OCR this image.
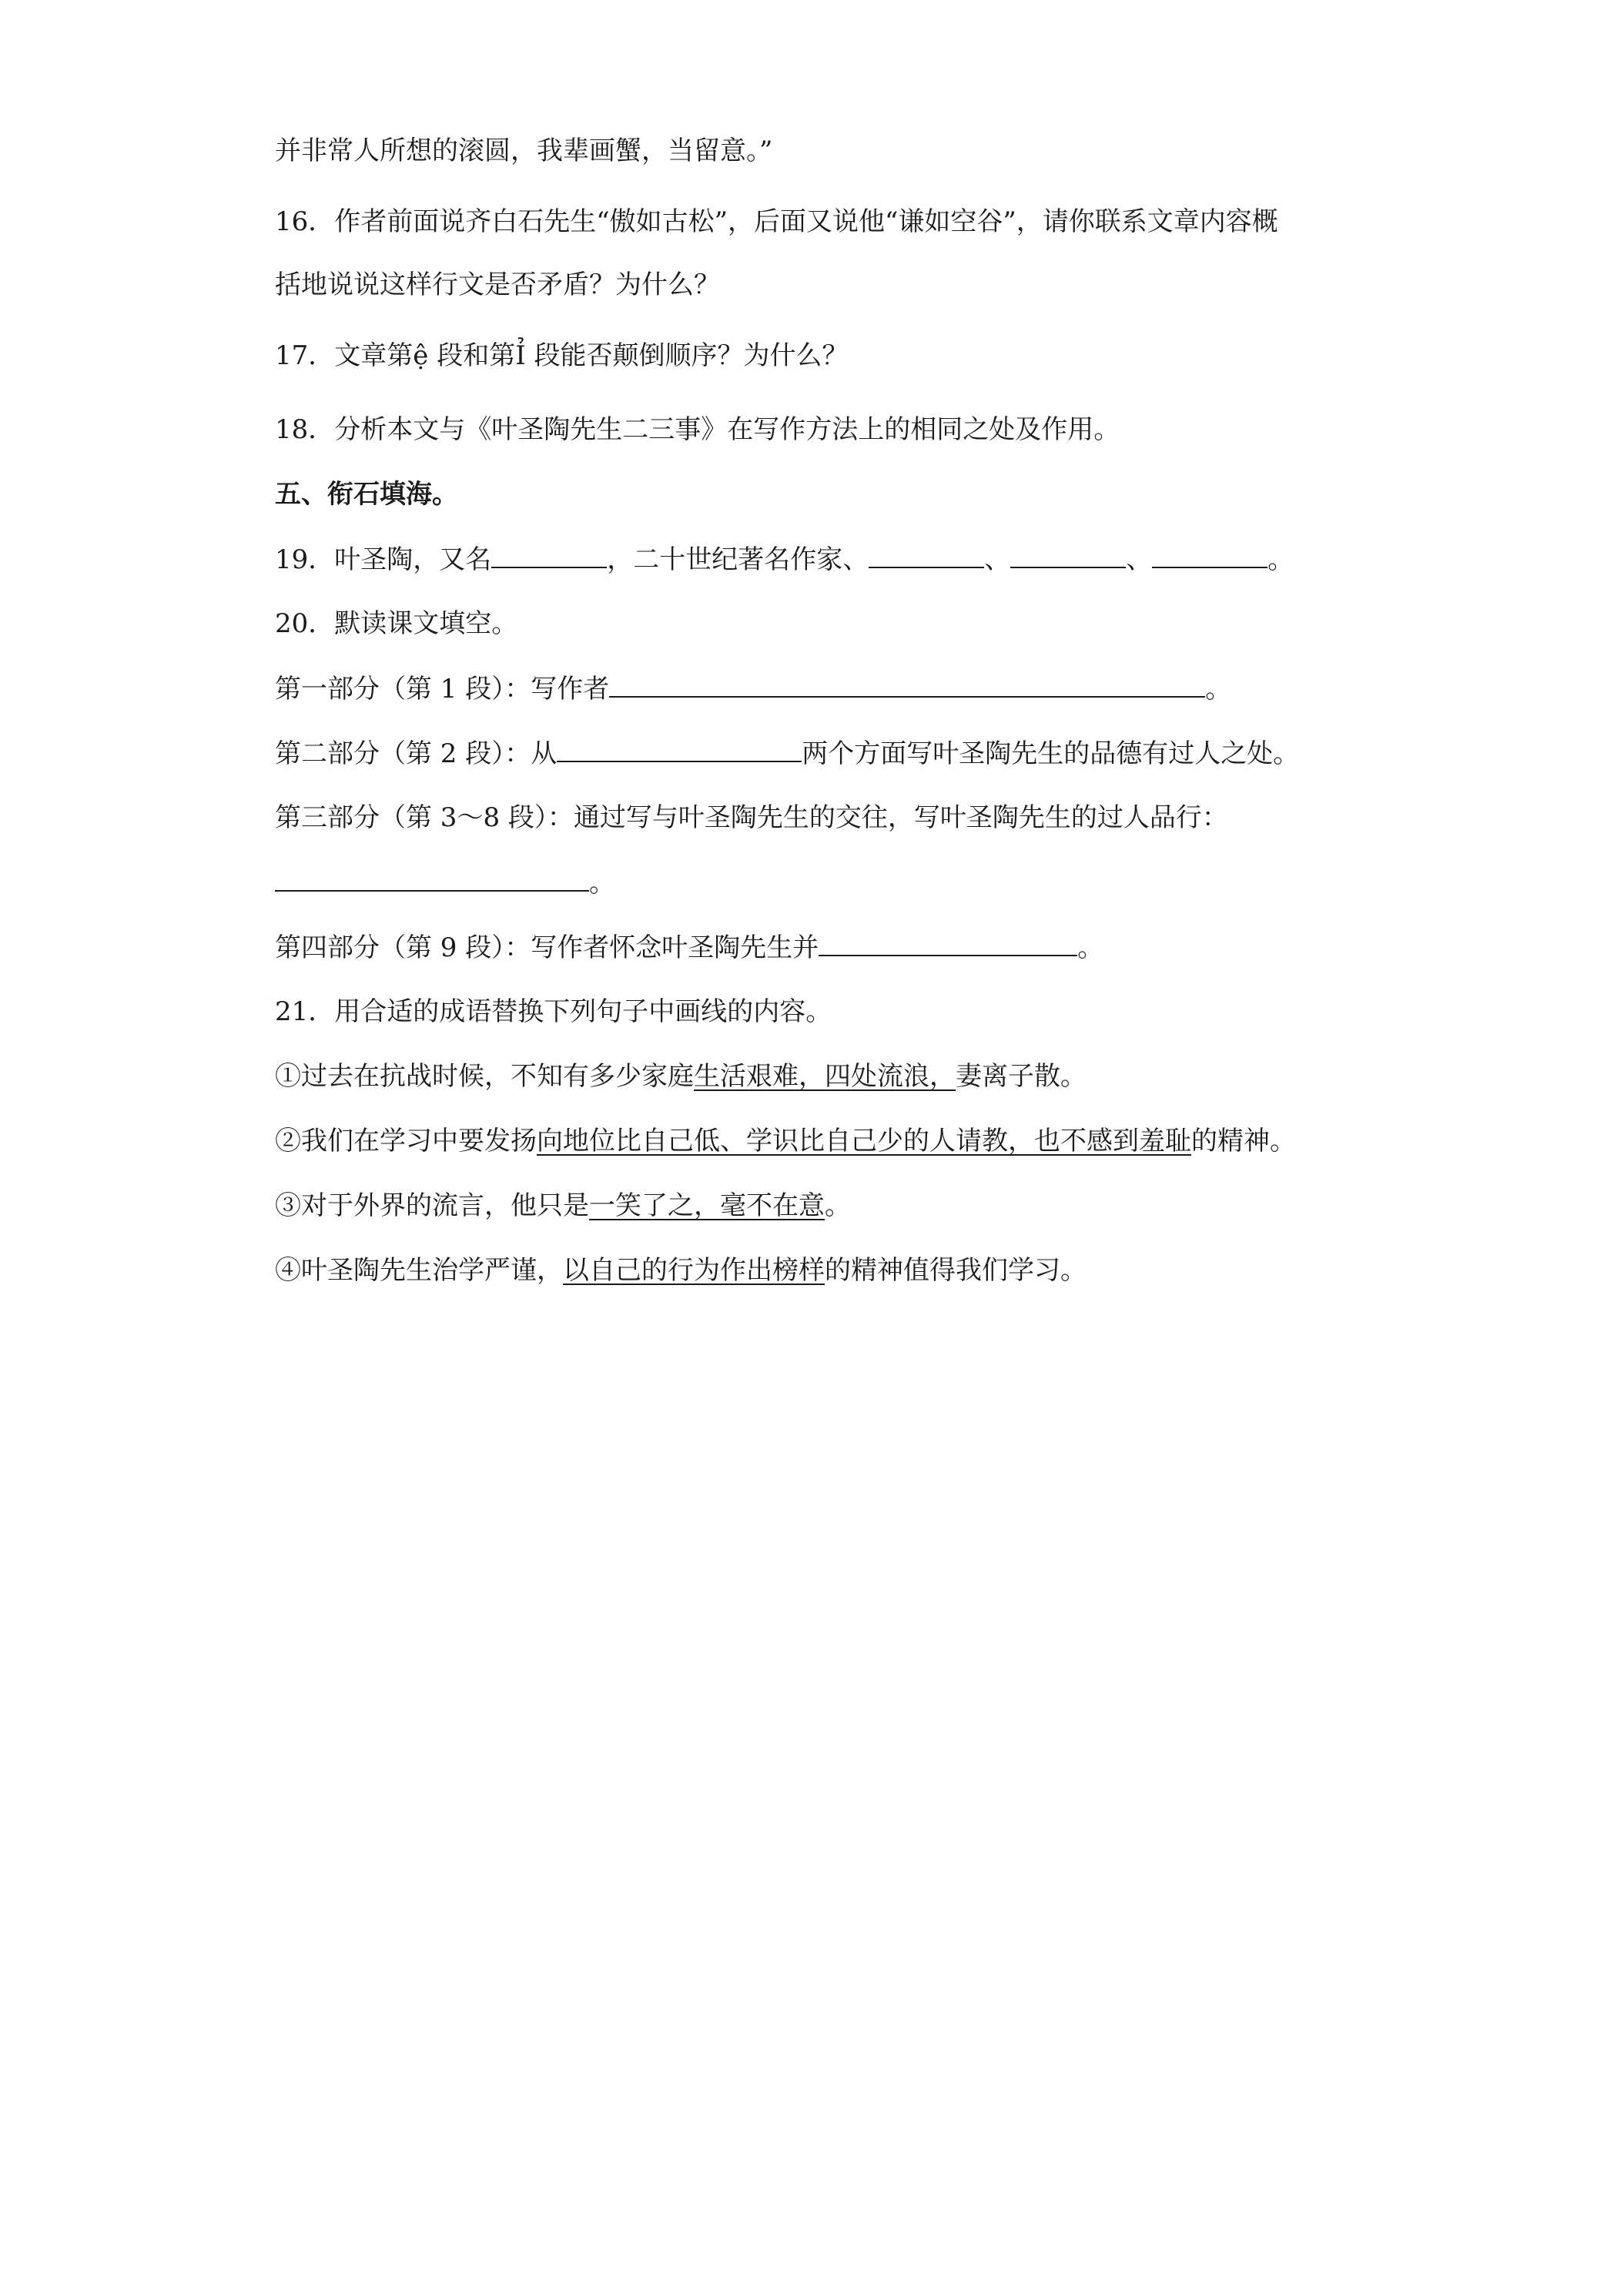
并非常人所想的滚圆，我辈画蟹，当留意。”
16．作者前面说齐白石先生“傲如古松”，后面又说他“谦如空谷”，请你联系文章内容概
括地说说这样行文是否矛盾？为什么？
17．文章第ệ 段和第Ỉ 段能否颠倒顺序？为什么？
18．分析本文与《叶圣陶先生二三事》在写作方法上的相同之处及作用。
五、衔石填海。
19．叶圣陶，又名	，二十世纪著名作家、	、	、	。
20．默读课文填空。
第一部分（第 1 段）：写作者	。
第二部分（第 2 段）：从	两个方面写叶圣陶先生的品德有过人之处。
第三部分（第 3～8 段）：通过写与叶圣陶先生的交往，写叶圣陶先生的过人品行：
。
第四部分（第 9 段）：写作者怀念叶圣陶先生并	。
21．用合适的成语替换下列句子中画线的内容。
①过去在抗战时候，不知有多少家庭生活艰难，四处流浪，妻离子散。
②我们在学习中要发扬向地位比自己低、学识比自己少的人请教，也不感到羞耻的精神。
③对于外界的流言，他只是一笑了之，毫不在意。
④叶圣陶先生治学严谨，以自己的行为作出榜样的精神值得我们学习。
